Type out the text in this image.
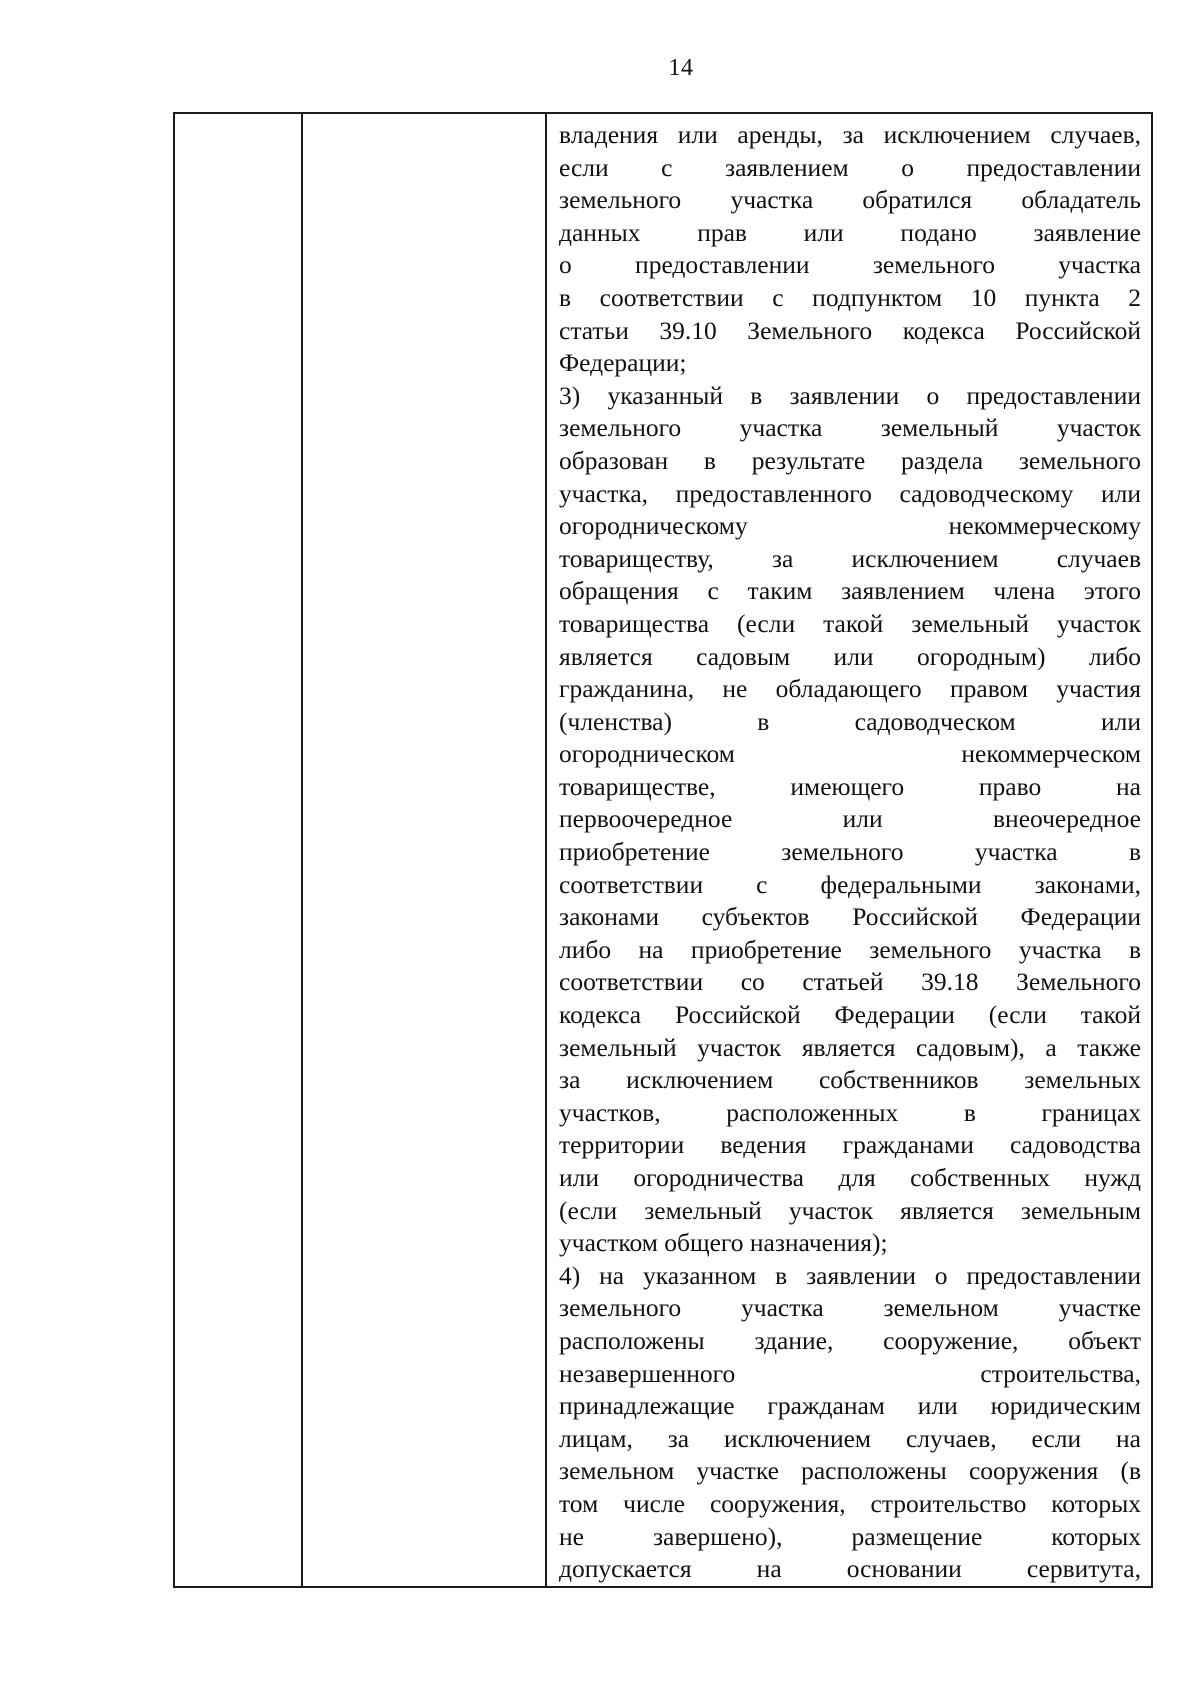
14

владения или аренды, за исключением случаев,
если с заявлением о предоставлении
земельного участка обратился обладатель
данных прав или подано заявление
о предоставлении земельного участка
в соответствии с подпунктом 10 пункта 2
статьи 39.10 Земельного кодекса Российской
Федерации;
3) указанный в заявлении о предоставлении
земельного участка земельный участок
образован в результате раздела земельного
участка, предоставленного садоводческому или
огородническому некоммерческому
товариществу, за исключением случаев
обращения с таким заявлением члена этого
товарищества (если такой земельный участок
является садовым или огородным) либо
гражданина, не обладающего правом участия
(членства) в садоводческом или
огородническом некоммерческом
товариществе, имеющего право на
первоочередное или внеочередное
приобретение земельного участка в
соответствии с федеральными законами,
законами субъектов Российской Федерации
либо на приобретение земельного участка в
соответствии со статьей 39.18 Земельного
кодекса Российской Федерации (если такой
земельный участок является садовым), а также
за исключением собственников земельных
участков, расположенных в границах
территории ведения гражданами садоводства
или огородничества для собственных нужд
(если земельный участок является земельным
участком общего назначения);
4) на указанном в заявлении о предоставлении
земельного участка земельном участке
расположены здание, сооружение, объект
незавершенного строительства,
принадлежащие гражданам или юридическим
лицам, за исключением случаев, если на
земельном участке расположены сооружения (в
том числе сооружения, строительство которых
не завершено), размещение которых
допускается на основании сервитута,
